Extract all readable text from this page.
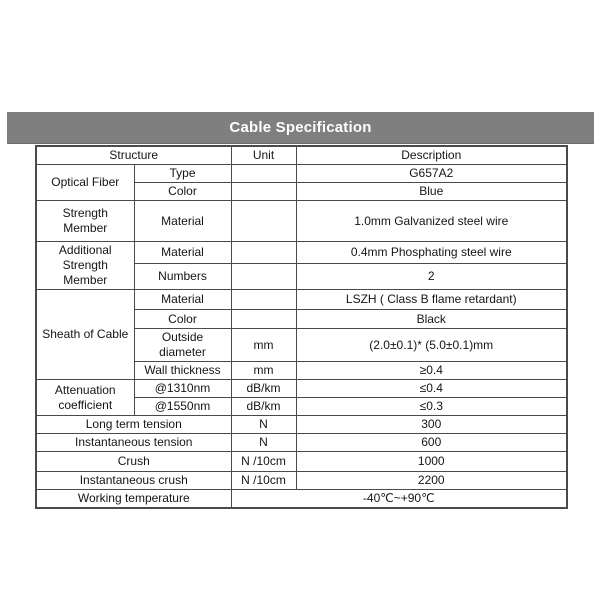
Cable Specification
Structure		Unit	Description
Optical Fiber	Type		G657A2
	Color		Blue
Strength Member	Material		1.0mm Galvanized steel wire
Additional Strength Member	Material		0.4mm Phosphating steel wire
	Numbers		2
Sheath of Cable	Material		LSZH ( Class B flame retardant)
	Color		Black
	Outside diameter	mm	(2.0±0.1)* (5.0±0.1)mm
	Wall thickness	mm	≥0.4
Attenuation coefficient	@1310nm	dB/km	≤0.4
	@1550nm	dB/km	≤0.3
Long term tension		N	300
Instantaneous tension		N	600
Crush		N /10cm	1000
Instantaneous crush		N /10cm	2200
Working temperature		-40℃~+90℃	
